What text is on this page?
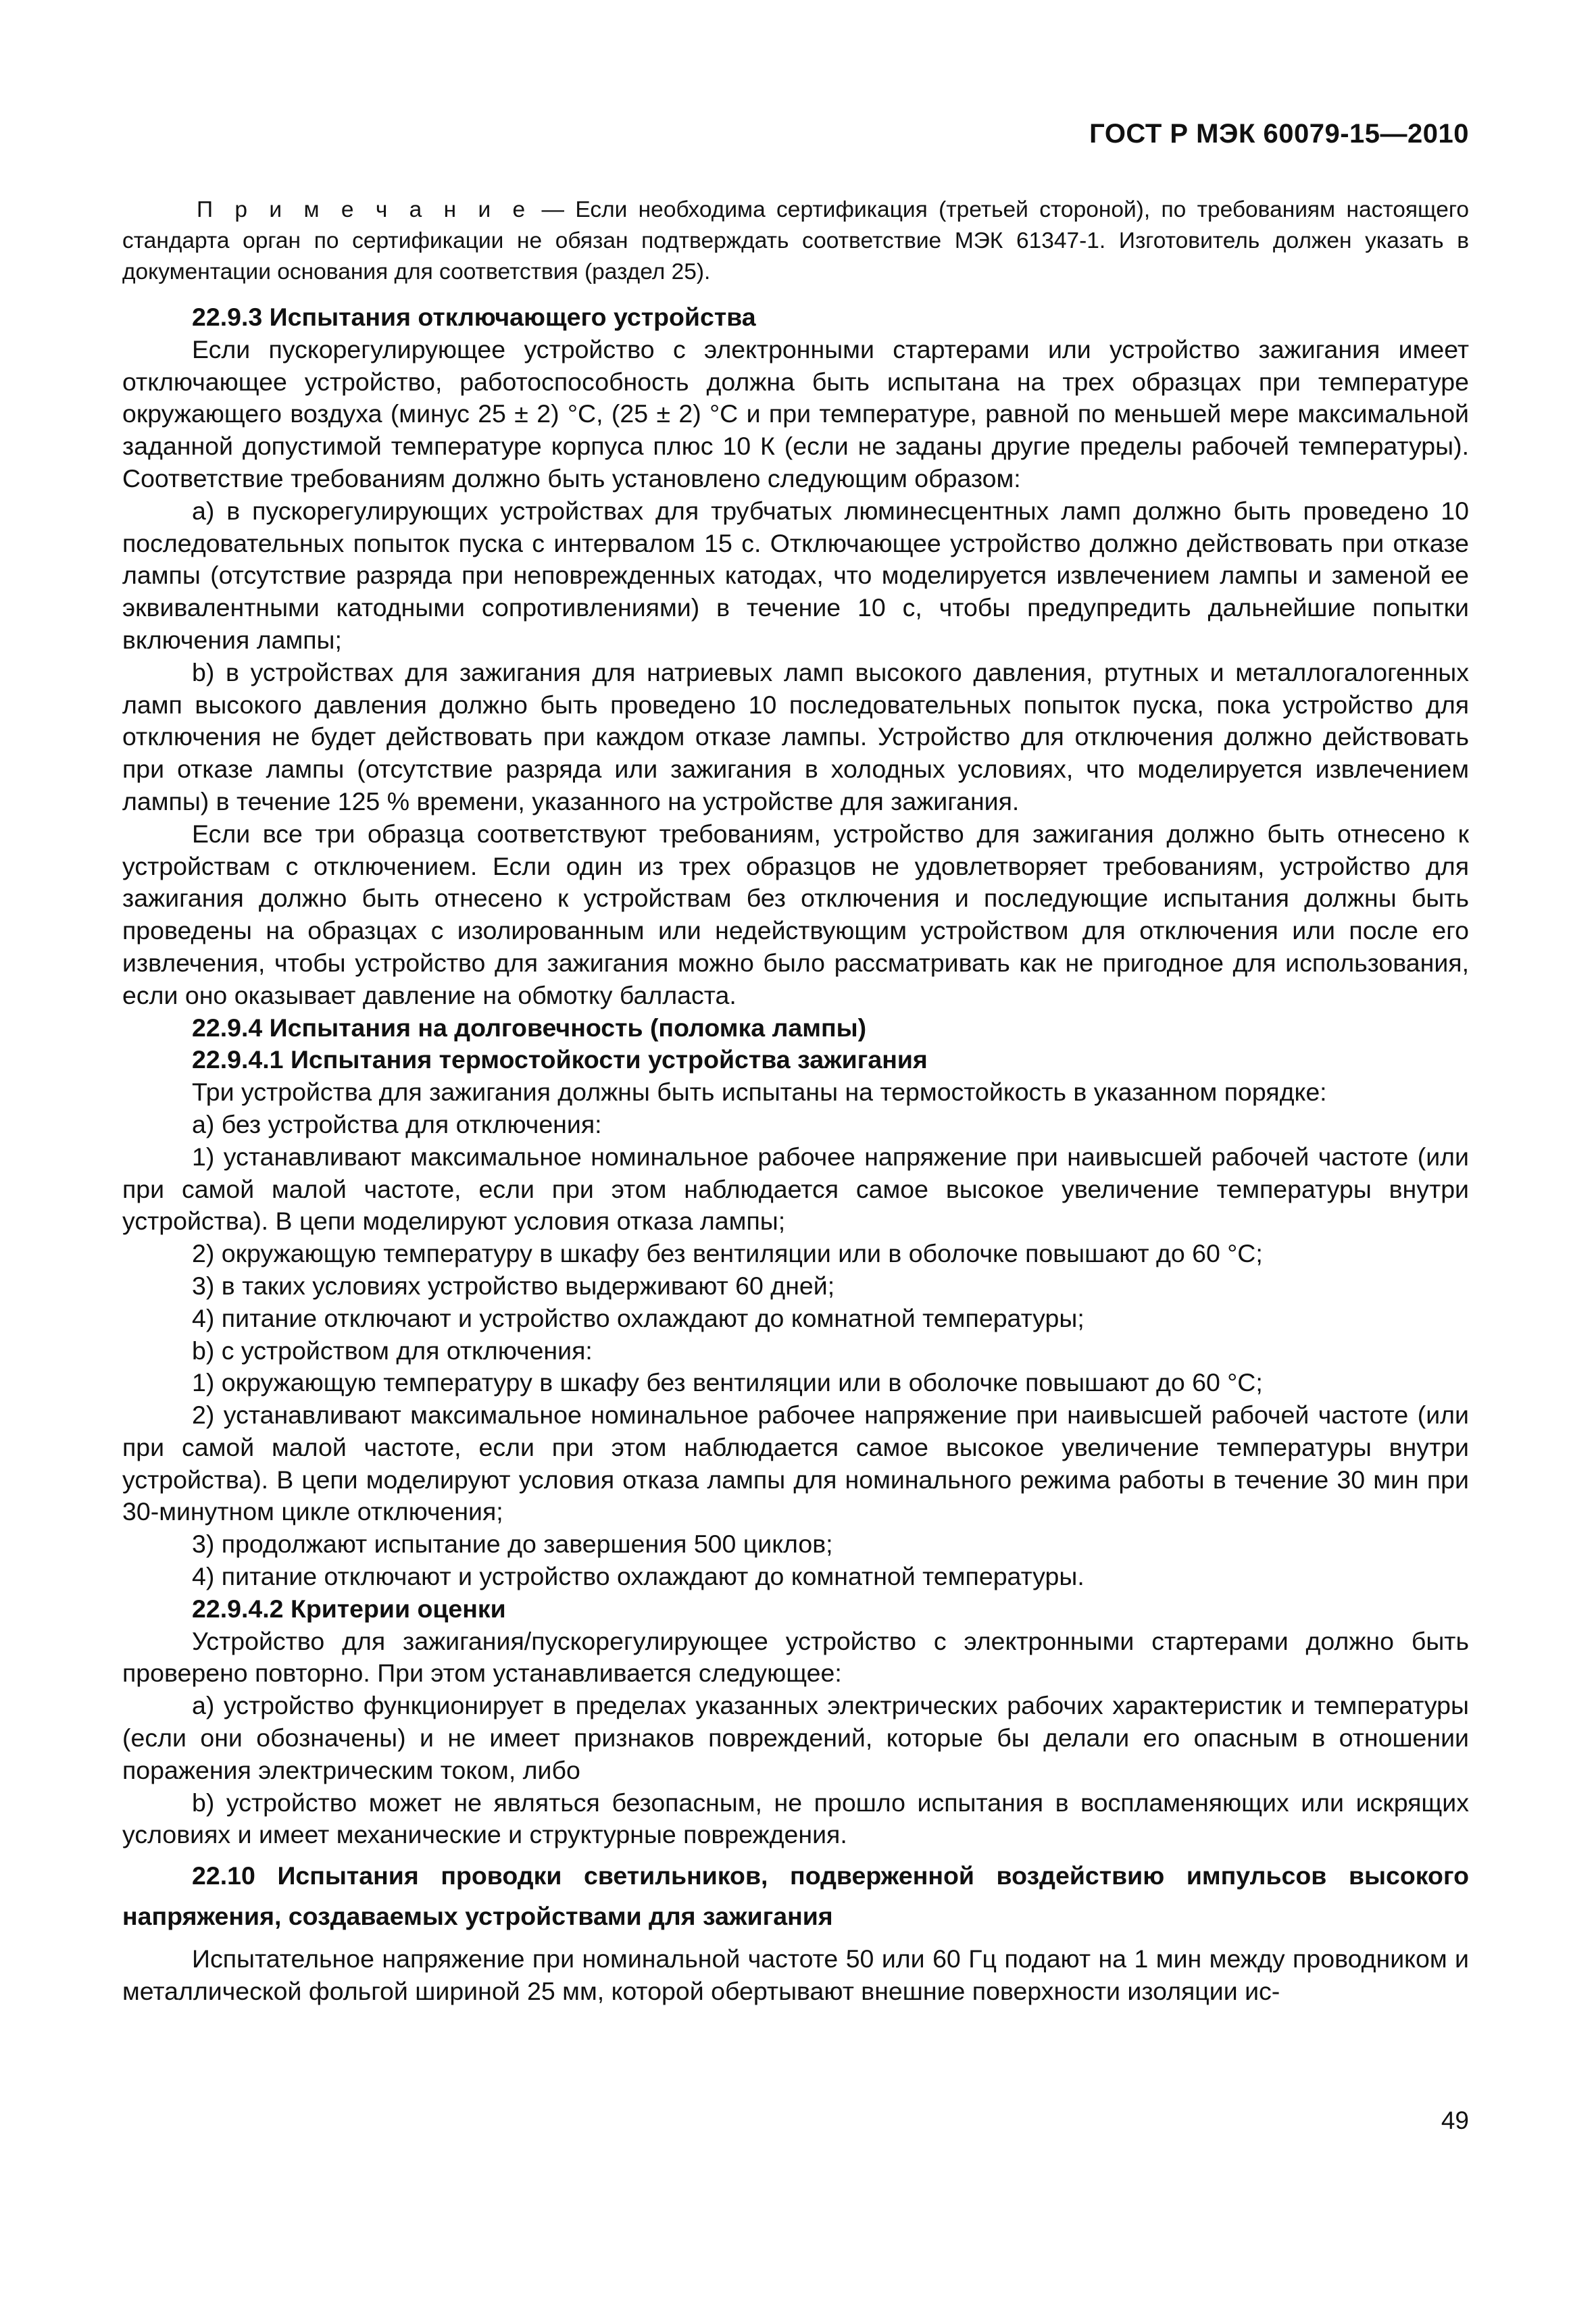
ГОСТ Р МЭК 60079-15—2010

П р и м е ч а н и е — Если необходима сертификация (третьей стороной), по требованиям настоящего стандарта орган по сертификации не обязан подтверждать соответствие МЭК 61347-1. Изготовитель должен указать в документации основания для соответствия (раздел 25).

22.9.3 Испытания отключающего устройства

Если пускорегулирующее устройство с электронными стартерами или устройство зажигания имеет отключающее устройство, работоспособность должна быть испытана на трех образцах при температуре окружающего воздуха (минус 25 ± 2) °С, (25 ± 2) °С и при температуре, равной по меньшей мере максимальной заданной допустимой температуре корпуса плюс 10 К (если не заданы другие пределы рабочей температуры). Соответствие требованиям должно быть установлено следующим образом:

а) в пускорегулирующих устройствах для трубчатых люминесцентных ламп должно быть проведено 10 последовательных попыток пуска с интервалом 15 с. Отключающее устройство должно действовать при отказе лампы (отсутствие разряда при неповрежденных катодах, что моделируется извлечением лампы и заменой ее эквивалентными катодными сопротивлениями) в течение 10 с, чтобы предупредить дальнейшие попытки включения лампы;

b) в устройствах для зажигания для натриевых ламп высокого давления, ртутных и металлогалогенных ламп высокого давления должно быть проведено 10 последовательных попыток пуска, пока устройство для отключения не будет действовать при каждом отказе лампы. Устройство для отключения должно действовать при отказе лампы (отсутствие разряда или зажигания в холодных условиях, что моделируется извлечением лампы) в течение 125 % времени, указанного на устройстве для зажигания.

Если все три образца соответствуют требованиям, устройство для зажигания должно быть отнесено к устройствам с отключением. Если один из трех образцов не удовлетворяет требованиям, устройство для зажигания должно быть отнесено к устройствам без отключения и последующие испытания должны быть проведены на образцах с изолированным или недействующим устройством для отключения или после его извлечения, чтобы устройство для зажигания можно было рассматривать как не пригодное для использования, если оно оказывает давление на обмотку балласта.

22.9.4 Испытания на долговечность (поломка лампы)

22.9.4.1 Испытания термостойкости устройства зажигания

Три устройства для зажигания должны быть испытаны на термостойкость в указанном порядке:

а) без устройства для отключения:

1) устанавливают максимальное номинальное рабочее напряжение при наивысшей рабочей частоте (или при самой малой частоте, если при этом наблюдается самое высокое увеличение температуры внутри устройства). В цепи моделируют условия отказа лампы;

2) окружающую температуру в шкафу без вентиляции или в оболочке повышают до 60 °С;

3) в таких условиях устройство выдерживают 60 дней;

4) питание отключают и устройство охлаждают до комнатной температуры;

b) с устройством для отключения:

1) окружающую температуру в шкафу без вентиляции или в оболочке повышают до 60 °С;

2) устанавливают максимальное номинальное рабочее напряжение при наивысшей рабочей частоте (или при самой малой частоте, если при этом наблюдается самое высокое увеличение температуры внутри устройства). В цепи моделируют условия отказа лампы для номинального режима работы в течение 30 мин при 30-минутном цикле отключения;

3) продолжают испытание до завершения 500 циклов;

4) питание отключают и устройство охлаждают до комнатной температуры.

22.9.4.2 Критерии оценки

Устройство для зажигания/пускорегулирующее устройство с электронными стартерами должно быть проверено повторно. При этом устанавливается следующее:

а) устройство функционирует в пределах указанных электрических рабочих характеристик и температуры (если они обозначены) и не имеет признаков повреждений, которые бы делали его опасным в отношении поражения электрическим током, либо

b) устройство может не являться безопасным, не прошло испытания в воспламеняющих или искрящих условиях и имеет механические и структурные повреждения.

22.10 Испытания проводки светильников, подверженной воздействию импульсов высокого напряжения, создаваемых устройствами для зажигания

Испытательное напряжение при номинальной частоте 50 или 60 Гц подают на 1 мин между проводником и металлической фольгой шириной 25 мм, которой обертывают внешние поверхности изоляции ис-

49
